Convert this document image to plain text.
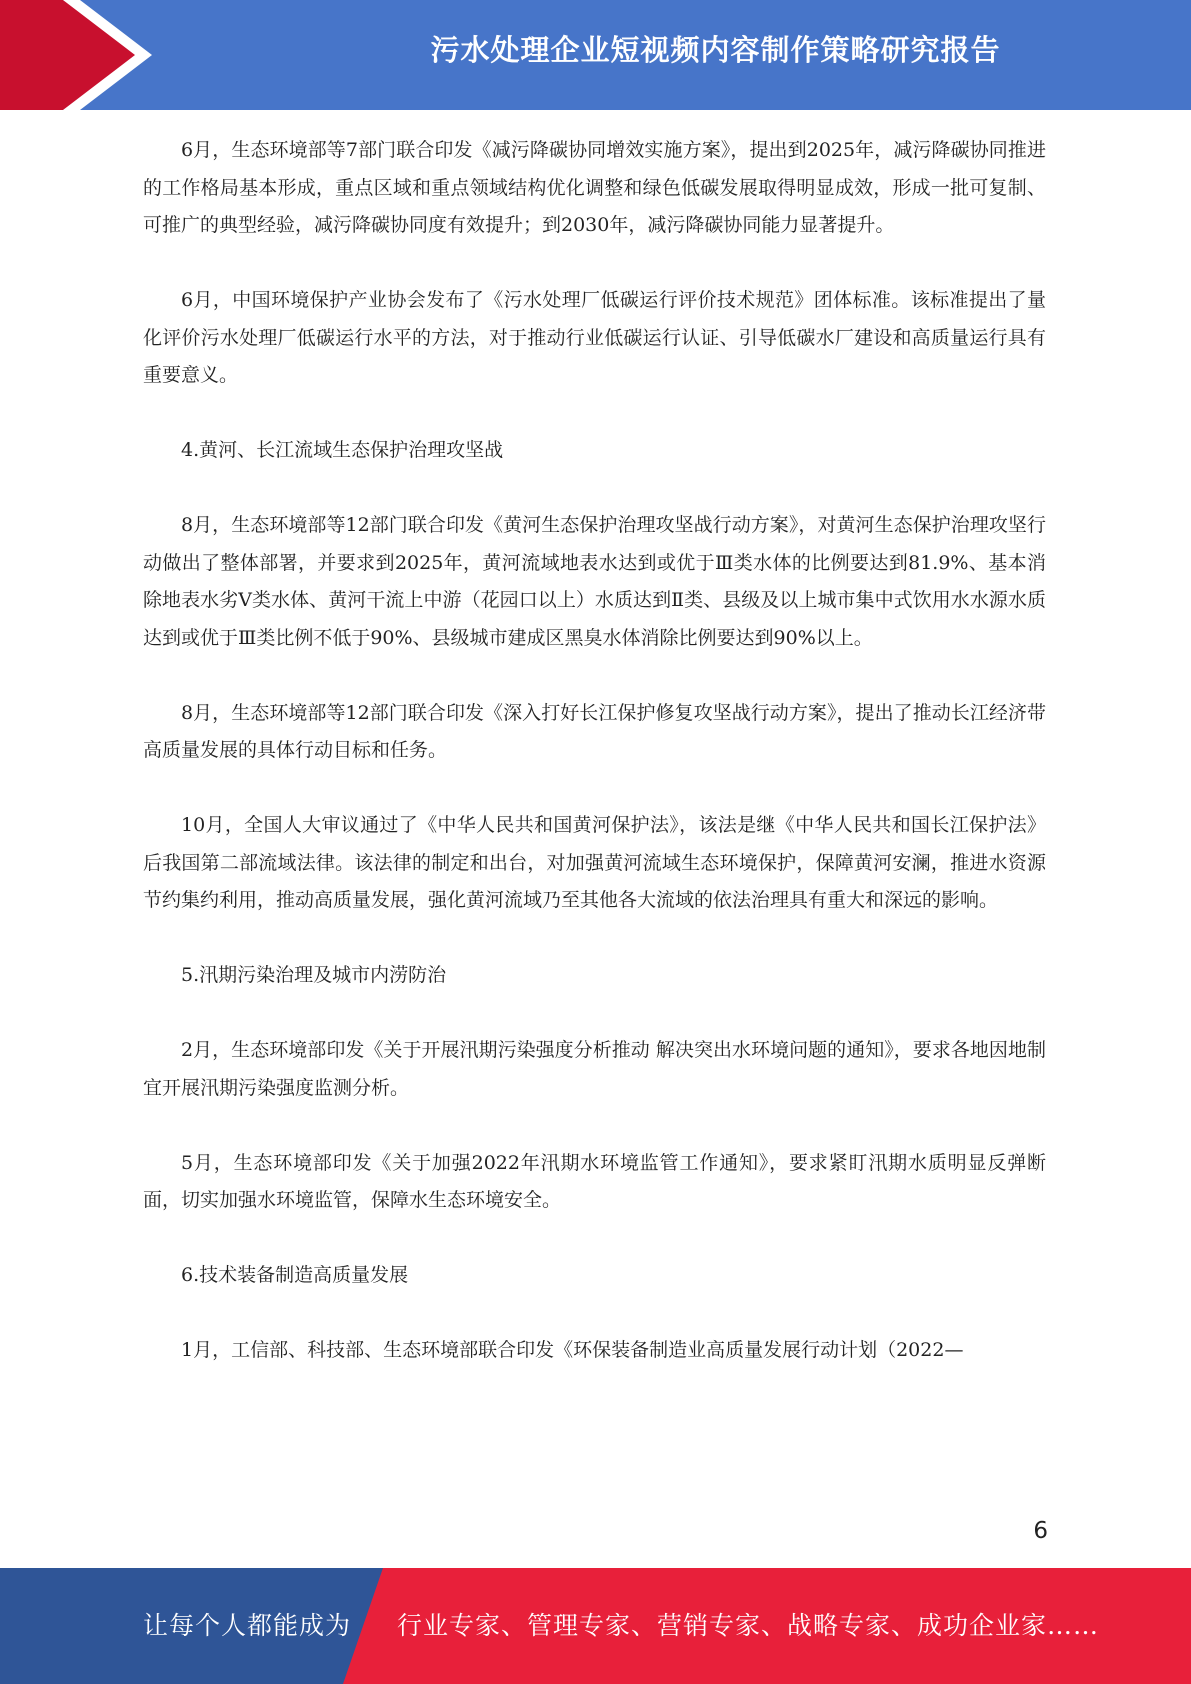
污水处理企业短视频内容制作策略研究报告

6月，生态环境部等7部门联合印发《减污降碳协同增效实施方案》，提出到2025年，减污降碳协同推进的工作格局基本形成，重点区域和重点领域结构优化调整和绿色低碳发展取得明显成效，形成一批可复制、可推广的典型经验，减污降碳协同度有效提升；到2030年，减污降碳协同能力显著提升。

6月，中国环境保护产业协会发布了《污水处理厂低碳运行评价技术规范》团体标准。该标准提出了量化评价污水处理厂低碳运行水平的方法，对于推动行业低碳运行认证、引导低碳水厂建设和高质量运行具有重要意义。

4.黄河、长江流域生态保护治理攻坚战

8月，生态环境部等12部门联合印发《黄河生态保护治理攻坚战行动方案》，对黄河生态保护治理攻坚行动做出了整体部署，并要求到2025年，黄河流域地表水达到或优于Ⅲ类水体的比例要达到81.9%、基本消除地表水劣Ⅴ类水体、黄河干流上中游（花园口以上）水质达到Ⅱ类、县级及以上城市集中式饮用水水源水质达到或优于Ⅲ类比例不低于90%、县级城市建成区黑臭水体消除比例要达到90%以上。

8月，生态环境部等12部门联合印发《深入打好长江保护修复攻坚战行动方案》，提出了推动长江经济带高质量发展的具体行动目标和任务。

10月，全国人大审议通过了《中华人民共和国黄河保护法》，该法是继《中华人民共和国长江保护法》后我国第二部流域法律。该法律的制定和出台，对加强黄河流域生态环境保护，保障黄河安澜，推进水资源节约集约利用，推动高质量发展，强化黄河流域乃至其他各大流域的依法治理具有重大和深远的影响。

5.汛期污染治理及城市内涝防治

2月，生态环境部印发《关于开展汛期污染强度分析推动 解决突出水环境问题的通知》，要求各地因地制宜开展汛期污染强度监测分析。

5月，生态环境部印发《关于加强2022年汛期水环境监管工作通知》，要求紧盯汛期水质明显反弹断面，切实加强水环境监管，保障水生态环境安全。

6.技术装备制造高质量发展

1月，工信部、科技部、生态环境部联合印发《环保装备制造业高质量发展行动计划（2022—

6
让每个人都能成为 行业专家、管理专家、营销专家、战略专家、成功企业家……
